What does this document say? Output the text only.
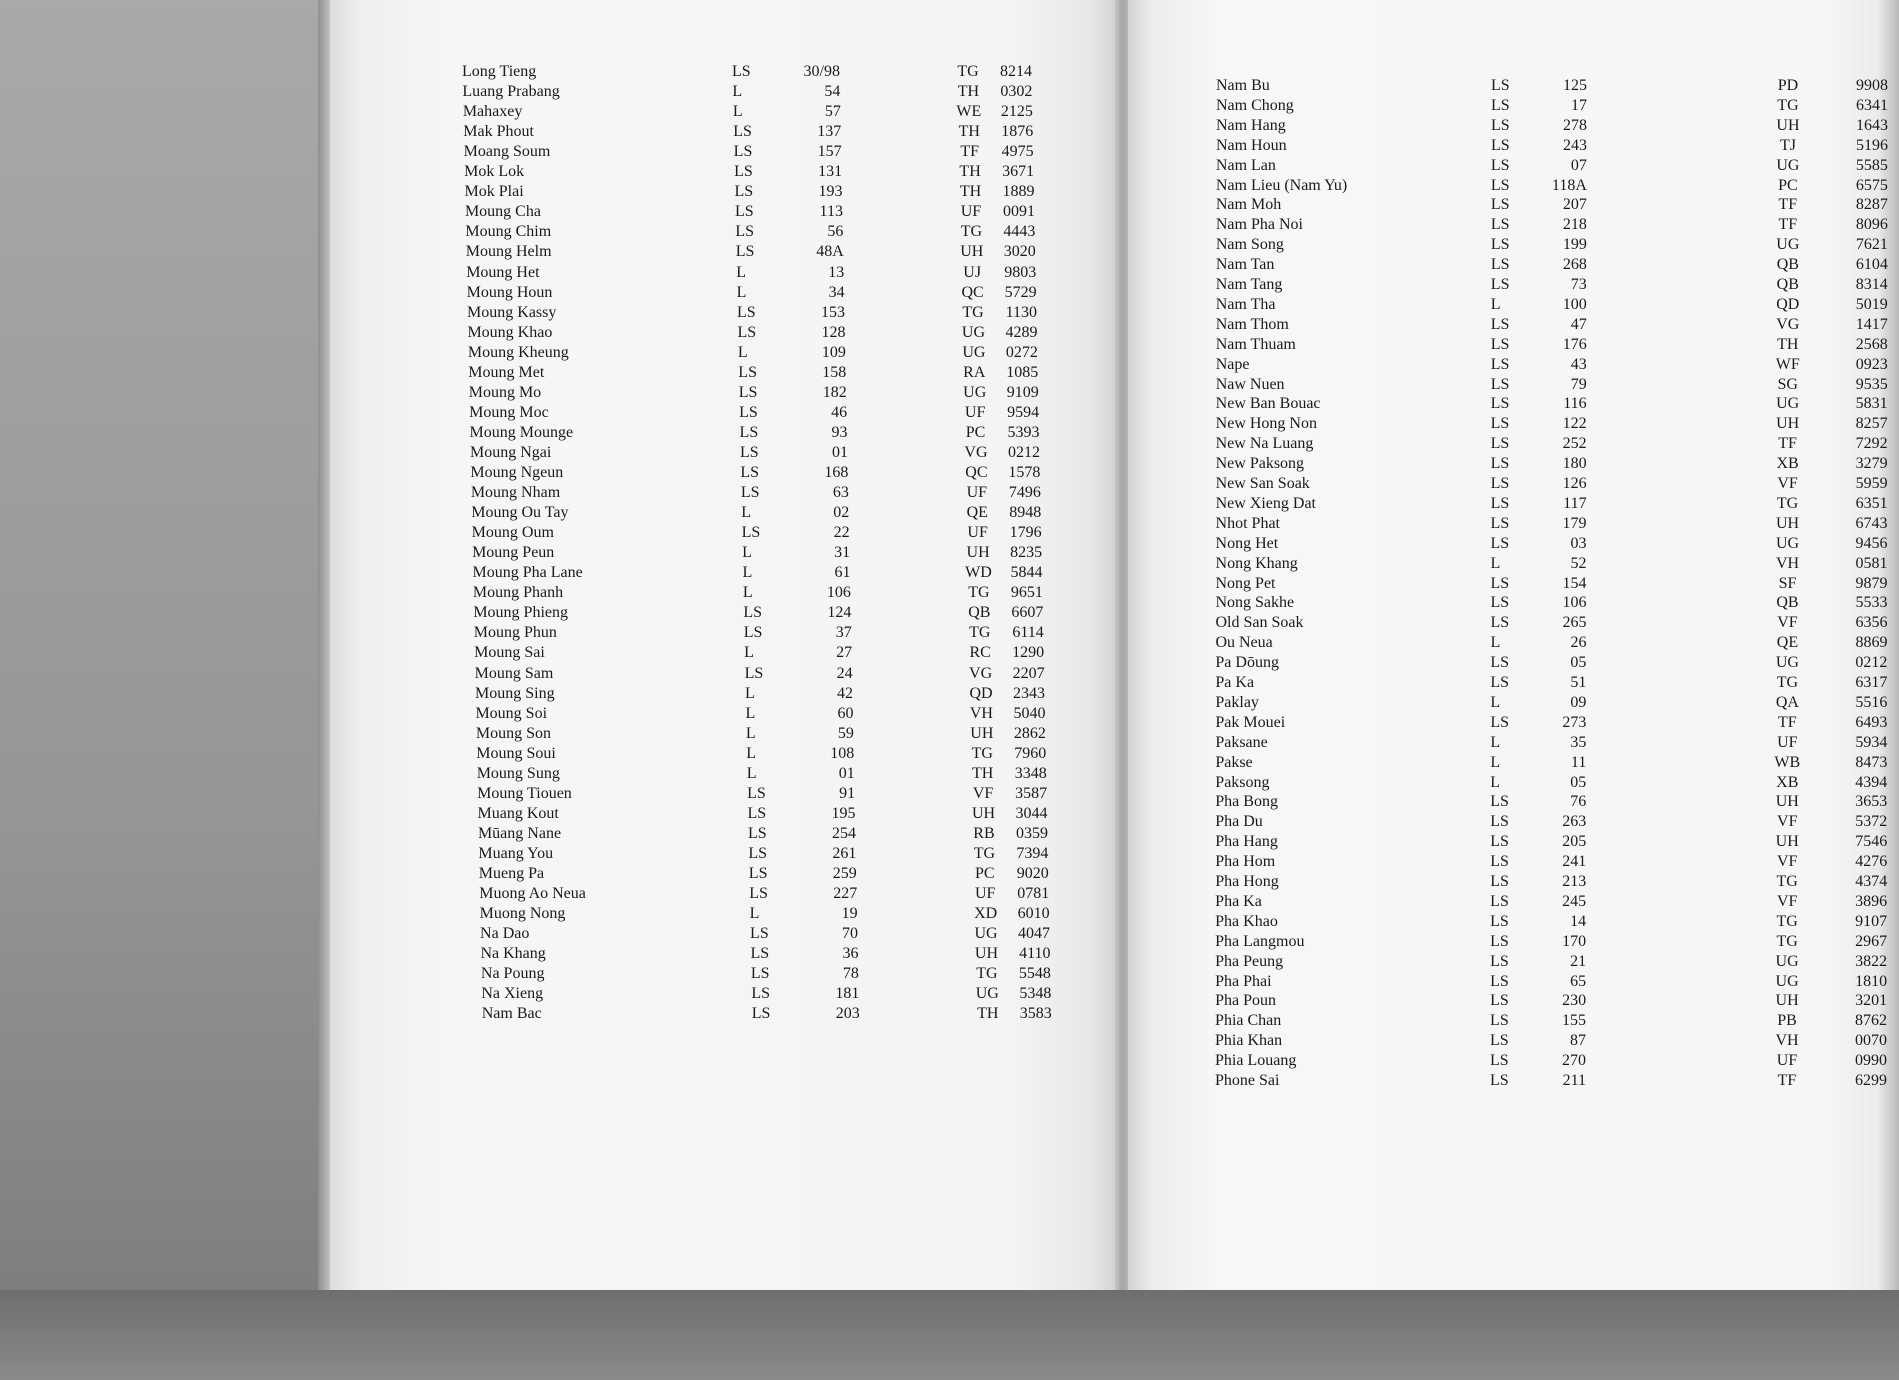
Long Tieng	LS	30/98	TG	8214
Luang Prabang	L	54	TH	0302
Mahaxey	L	57	WE	2125
Mak Phout	LS	137	TH	1876
Moang Soum	LS	157	TF	4975
Mok Lok	LS	131	TH	3671
Mok Plai	LS	193	TH	1889
Moung Cha	LS	113	UF	0091
Moung Chim	LS	56	TG	4443
Moung Helm	LS	48A	UH	3020
Moung Het	L	13	UJ	9803
Moung Houn	L	34	QC	5729
Moung Kassy	LS	153	TG	1130
Moung Khao	LS	128	UG	4289
Moung Kheung	L	109	UG	0272
Moung Met	LS	158	RA	1085
Moung Mo	LS	182	UG	9109
Moung Moc	LS	46	UF	9594
Moung Mounge	LS	93	PC	5393
Moung Ngai	LS	01	VG	0212
Moung Ngeun	LS	168	QC	1578
Moung Nham	LS	63	UF	7496
Moung Ou Tay	L	02	QE	8948
Moung Oum	LS	22	UF	1796
Moung Peun	L	31	UH	8235
Moung Pha Lane	L	61	WD	5844
Moung Phanh	L	106	TG	9651
Moung Phieng	LS	124	QB	6607
Moung Phun	LS	37	TG	6114
Moung Sai	L	27	RC	1290
Moung Sam	LS	24	VG	2207
Moung Sing	L	42	QD	2343
Moung Soi	L	60	VH	5040
Moung Son	L	59	UH	2862
Moung Soui	L	108	TG	7960
Moung Sung	L	01	TH	3348
Moung Tiouen	LS	91	VF	3587
Muang Kout	LS	195	UH	3044
Mūang Nane	LS	254	RB	0359
Muang You	LS	261	TG	7394
Mueng Pa	LS	259	PC	9020
Muong Ao Neua	LS	227	UF	0781
Muong Nong	L	19	XD	6010
Na Dao	LS	70	UG	4047
Na Khang	LS	36	UH	4110
Na Poung	LS	78	TG	5548
Na Xieng	LS	181	UG	5348
Nam Bac	LS	203	TH	3583
Nam Bu	LS	125	PD	9908
Nam Chong	LS	17	TG	6341
Nam Hang	LS	278	UH	1643
Nam Houn	LS	243	TJ	5196
Nam Lan	LS	07	UG	5585
Nam Lieu (Nam Yu)	LS	118A	PC	6575
Nam Moh	LS	207	TF	8287
Nam Pha Noi	LS	218	TF	8096
Nam Song	LS	199	UG	7621
Nam Tan	LS	268	QB	6104
Nam Tang	LS	73	QB	8314
Nam Tha	L	100	QD	5019
Nam Thom	LS	47	VG	1417
Nam Thuam	LS	176	TH	2568
Nape	LS	43	WF	0923
Naw Nuen	LS	79	SG	9535
New Ban Bouac	LS	116	UG	5831
New Hong Non	LS	122	UH	8257
New Na Luang	LS	252	TF	7292
New Paksong	LS	180	XB	3279
New San Soak	LS	126	VF	5959
New Xieng Dat	LS	117	TG	6351
Nhot Phat	LS	179	UH	6743
Nong Het	LS	03	UG	9456
Nong Khang	L	52	VH	0581
Nong Pet	LS	154	SF	9879
Nong Sakhe	LS	106	QB	5533
Old San Soak	LS	265	VF	6356
Ou Neua	L	26	QE	8869
Pa Dōung	LS	05	UG	0212
Pa Ka	LS	51	TG	6317
Paklay	L	09	QA	5516
Pak Mouei	LS	273	TF	6493
Paksane	L	35	UF	5934
Pakse	L	11	WB	8473
Paksong	L	05	XB	4394
Pha Bong	LS	76	UH	3653
Pha Du	LS	263	VF	5372
Pha Hang	LS	205	UH	7546
Pha Hom	LS	241	VF	4276
Pha Hong	LS	213	TG	4374
Pha Ka	LS	245	VF	3896
Pha Khao	LS	14	TG	9107
Pha Langmou	LS	170	TG	2967
Pha Peung	LS	21	UG	3822
Pha Phai	LS	65	UG	1810
Pha Poun	LS	230	UH	3201
Phia Chan	LS	155	PB	8762
Phia Khan	LS	87	VH	0070
Phia Louang	LS	270	UF	0990
Phone Sai	LS	211	TF	6299
